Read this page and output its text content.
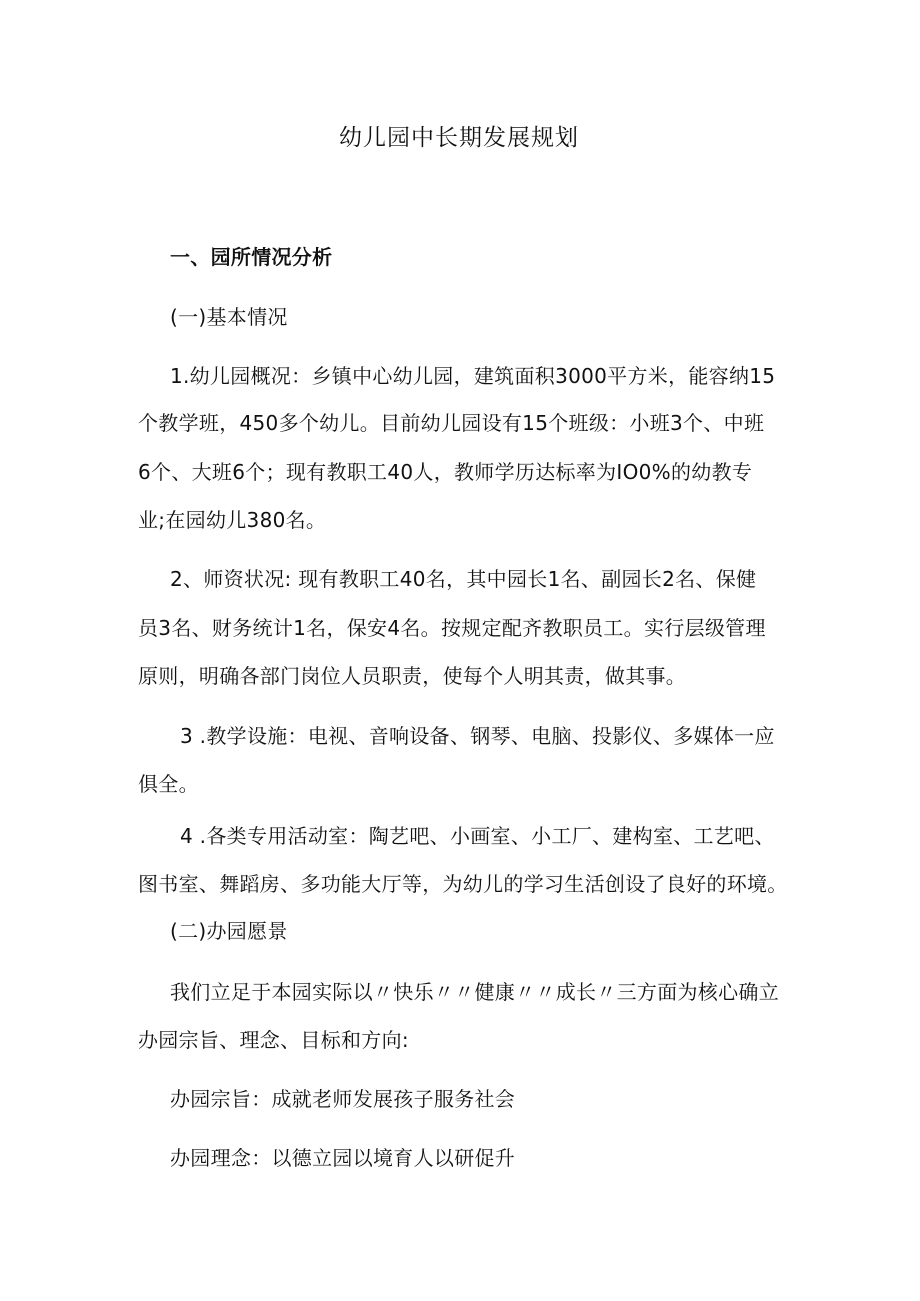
幼儿园中长期发展规划
一、园所情况分析
(一)基本情况
1.幼儿园概况：乡镇中心幼儿园，建筑面积3000平方米，能容纳15
个教学班，450多个幼儿。目前幼儿园设有15个班级：小班3个、中班
6个、大班6个；现有教职工40人，教师学历达标率为IO0%的幼教专
业;在园幼儿380名。
2、师资状况: 现有教职工40名，其中园长1名、副园长2名、保健
员3名、财务统计1名，保安4名。按规定配齐教职员工。实行层级管理
原则，明确各部门岗位人员职责，使每个人明其责，做其事。
3 .教学设施：电视、音响设备、钢琴、电脑、投影仪、多媒体一应
俱全。
4 .各类专用活动室：陶艺吧、小画室、小工厂、建构室、工艺吧、
图书室、舞蹈房、多功能大厅等，为幼儿的学习生活创设了良好的环境。
(二)办园愿景
我们立足于本园实际以〃快乐〃〃健康〃〃成长〃三方面为核心确立
办园宗旨、理念、目标和方向:
办园宗旨：成就老师发展孩子服务社会
办园理念：以德立园以境育人以研促升
